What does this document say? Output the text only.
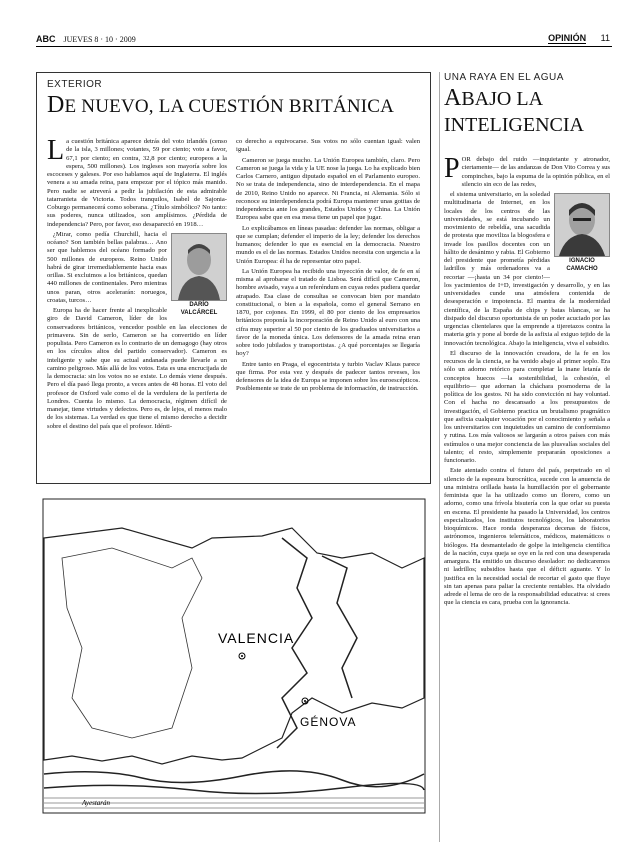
ABC JUEVES 8 · 10 · 2009	OPINIÓN 11
EXTERIOR
DE NUEVO, LA CUESTIÓN BRITÁNICA
L a cuestión británica aparece detrás del voto irlandés (censo de la isla, 3 millones; votantes, 59 por ciento; voto a favor, 67,1 por ciento; en contra, 32,8 por ciento; europeos a la espera, 500 millones). Los ingleses son mayoría sobre los escoceses y galeses. Por eso hablamos aquí de Inglaterra. El inglés venera a su amada reina, para empezar por el tópico más manido. Pero nadie se atreverá a pedir la jubilación de esta admirable tatarranieta de Victoria. Todos tranquilos, Isabel de Sajonia-Coburgo permanecerá como soberana. ¿Título simbólico? No tanto: sus poderes, nunca utilizados, son amplísimos. ¿Pérdida de independencia? Pero, por favor, eso desapareció en 1918…

DARÍO
VALCÁRCEL

¿Mirar, como pedía Churchill, hacia el océano? Son también bellas palabras… Ano ser que hablemos del océano formado por 500 millones de europeos. Reino Unido habrá de girar irremediablemente hacia esas orillas. Si excluimos a los británicos, quedan 440 millones de continentales. Pero mientras unos paran, otros acelerarán: noruegos, croatas, turcos…

Europa ha de hacer frente al inexplicable giro de David Cameron, líder de los conservadores británicos, vencedor posible en las elecciones de primavera. Sin de serlo, Cameron se ha convertido en líder populista. Pero Cameron es lo contrario de un demagogo (hay otros en los círculos altos del partido conservador). Cameron es inteligente y sabe que su actual andanada puede llevarle a un camino peligroso. Más allá de los votos. Esta es una encrucijada de la democracia: sin los votos no se existe. Lo demás viene después. Pero el día pasó llega pronto, a veces antes de 48 horas. El voto del profesor de Oxford vale como el de la verdulera de la periferia de Londres. Cuenta lo mismo. La democracia, régimen difícil de manejar, tiene virtudes y defectos. Pero es, de lejos, el menos malo de los sistemas. La verdad es que tiene el mismo derecho a decidir sobre el destino del país que el profesor. Idénti-

co derecho a equivocarse. Sus votos no sólo cuentan igual: valen igual.

Cameron se juega mucho. La Unión Europea también, claro. Pero Cameron se juega la vida y la UE nose la juega. Lo ha explicado bien Carlos Carnero, antiguo diputado español en el Parlamento europeo. No se trata de independencia, sino de interdependencia. En el mapa de 2010, Reino Unido no aparece. Ni Francia, ni Alemania. Sólo si reconoce su interdependencia podrá Europa mantener unas gotitas de independencia ante los grandes, Estados Unidos y China. La Unión Europea sabe que en esa mesa tiene un papel que jugar.

Lo explicábamos en líneas pasadas: defender las normas, obligar a que se cumplan; defender el imperio de la ley; defender los derechos humanos; defender lo que es esencial en la democracia. Nuestro mundo es el de las normas. Estados Unidos necesita con urgencia a la Unión Europea: él ha de representar otro papel.

La Unión Europea ha recibido una inyección de valor, de fe en sí misma al aprobarse el tratado de Lisboa. Será difícil que Cameron, hombre avisado, vaya a un referéndum en cuyas redes pudiera quedar atrapado. Esa clase de consultas se convocan bien por mandato constitucional, o bien a la española, como el general Serrano en 1870, por cojones. En 1999, el 80 por ciento de los empresarios británicos proponía la incorporación de Reino Unido al euro con una cifra muy superior al 50 por ciento de los graduados universitarios a favor de la moneda única. Los defensores de la amada reina eran sobre todo jubilados y transportistas. ¿A qué porcentajes se llegaría hoy?

Entre tanto en Praga, el egocentrista y turbio Vaclav Klaus parece que firma. Por esta vez y después de padecer tantos reveses, los defensores de la idea de Europa se imponen sobre los euroescépticos. Posiblemente se trate de un problema de información, de instrucción.

VALENCIA
GÉNOVA
Ayestarán
UNA RAYA EN EL AGUA
ABAJO LA
INTELIGENCIA
P OR debajo del ruido —inquietante y atronador, ciertamente— de las andanzas de Don Vito Correa y sus compinches, bajo la espuma de la opinión pública, en el silencio sin eco de las redes,

IGNACIO
CAMACHO

el sistema universitario, en la soledad multitudinaria de Internet, en los locales de los centros de las universidades, se está incubando un movimiento de rebeldía, una sacudida de protesta que moviliza la blogosfera e invade los pasillos docentes con un hálito de desánimo y rabia. El Gobierno del presidente que prometía pérdidas ladrillos y más ordenadores va a recortar —¡hasta un 34 por ciento!— los yacimientos de I+D, investigación y desarrollo, y en las universidades cunde una atmósfera contenida de desesperación e impotencia. El mantra de la modernidad científica, de la España de chips y batas blancas, se ha disipado del discurso oportunista de un poder acuciado por las urgencias clientelares que la emprende a tijeretazos contra la materia gris y pone al borde de la asfixia al exiguo tejido de la innovación tecnológica. Abajo la inteligencia, viva el subsidio.

El discurso de la innovación creadora, de la fe en los recursos de la ciencia, se ha venido abajo al primer soplo. Era sólo un adorno retórico para completar la inane letanía de conceptos huecos —la sostenibilidad, la cohesión, el equilibrio— que adornan la cháchara posmoderna de la política de los gestos. Ni ha sido convicción ni hay voluntad. Con el hacha no descansado a los presupuestos de investigación, el Gobierno practica un brutalismo pragmático que asfixia cualquier vocación por el conocimiento y señala a los universitarios con inquietudes un camino de conformismo y rutina. Los más valiosos se largarán a otros países con más estímulos o una mejor conciencia de las plusvalías sociales del talento; el resto, simplemente prepararán oposiciones a funcionario.

Este atentado contra el futuro del país, perpetrado en el silencio de la espesura burocrática, sucede con la anuencia de una ministra orillada hasta la humillación por el gobernante feminista que la ha utilizado como un florero, como un adorno, como una frívola bisutería con la que orlar su puesta en escena. El presidente ha pasado la Universidad, los centros especializados, los institutos tecnológicos, los laboratorios bioquímicos. Hace ronda desperanza decenas de físicos, astrónomos, ingenieros telemáticos, médicos, matemáticos o biólogos. Ha desmantelado de golpe la inteligencia científica de la nación, cuya queja se oye en la red con una desesperada amargura. Ha emitido un discurso desolador: no dedicaremos ni ladrillos; subsidios hasta que el déficit aguante. Y lo justifica en la necesidad social de recortar el gasto que fluye sin tan apenas para paliar la creciente rentables. Ha olvidado adrede el lema de oro de la responsabilidad educativa: si crees que la ciencia es cara, prueba con la ignorancia.
